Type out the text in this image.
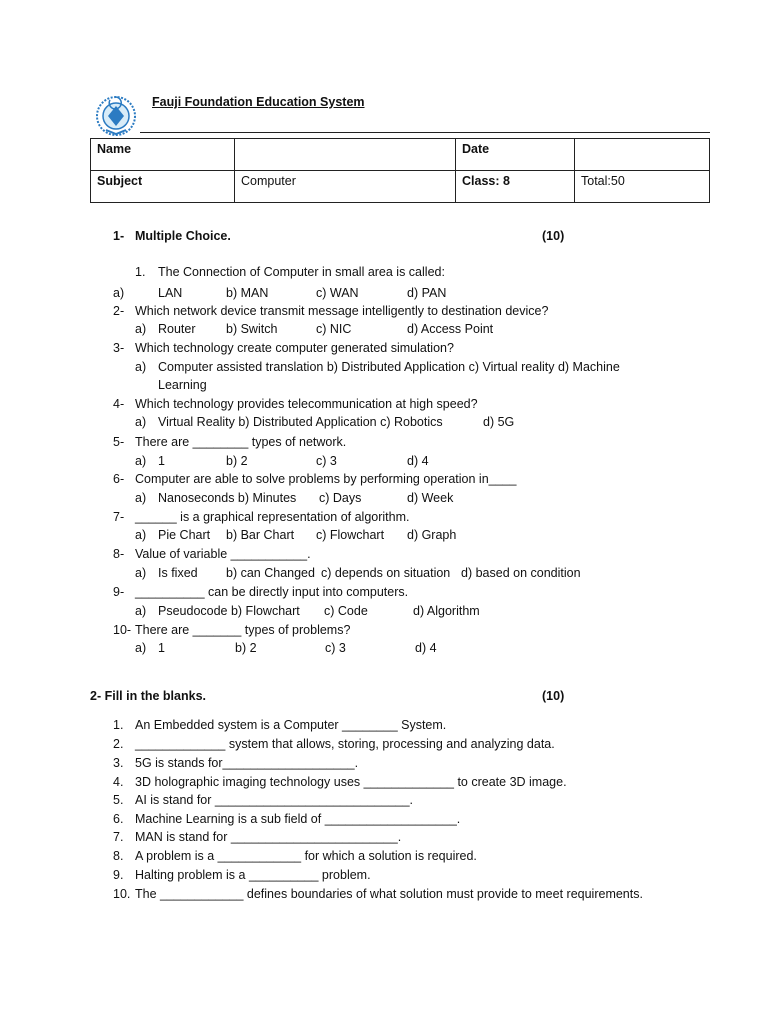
Fauji Foundation Education System
Name		Date	
Subject	Computer	Class: 8	Total:50
1- Multiple Choice.	(10)
1. The Connection of Computer in small area is called:
a)	LAN	b) MAN	c) WAN	d) PAN
2- Which network device transmit message intelligently to destination device?
a) Router b) Switch	c) NIC	d) Access Point
3- Which technology create computer generated simulation?
a) Computer assisted translation b) Distributed Application c) Virtual reality d) Machine
Learning
4- Which technology provides telecommunication at high speed?
a) Virtual Reality b) Distributed Application c) Robotics	d) 5G
5- There are ________ types of network.
a) 1	b) 2	c) 3	d) 4
6- Computer are able to solve problems by performing operation in____
a) Nanoseconds b) Minutes c) Days	d) Week
7- ______ is a graphical representation of algorithm.
a) Pie Chart b) Bar Chart c) Flowchart d) Graph
8- Value of variable ___________.
a) Is fixed b) can Changed c) depends on situation d) based on condition
9- __________ can be directly input into computers.
a) Pseudocode b) Flowchart c) Code	d) Algorithm
10- There are _______ types of problems?
a) 1	b) 2	c) 3	d) 4
2- Fill in the blanks.	(10)
1. An Embedded system is a Computer ________ System.
2. _____________ system that allows, storing, processing and analyzing data.
3. 5G is stands for___________________.
4. 3D holographic imaging technology uses _____________ to create 3D image.
5. AI is stand for ____________________________.
6. Machine Learning is a sub field of ___________________.
7. MAN is stand for ________________________.
8. A problem is a ____________ for which a solution is required.
9. Halting problem is a __________ problem.
10. The ____________ defines boundaries of what solution must provide to meet requirements.
